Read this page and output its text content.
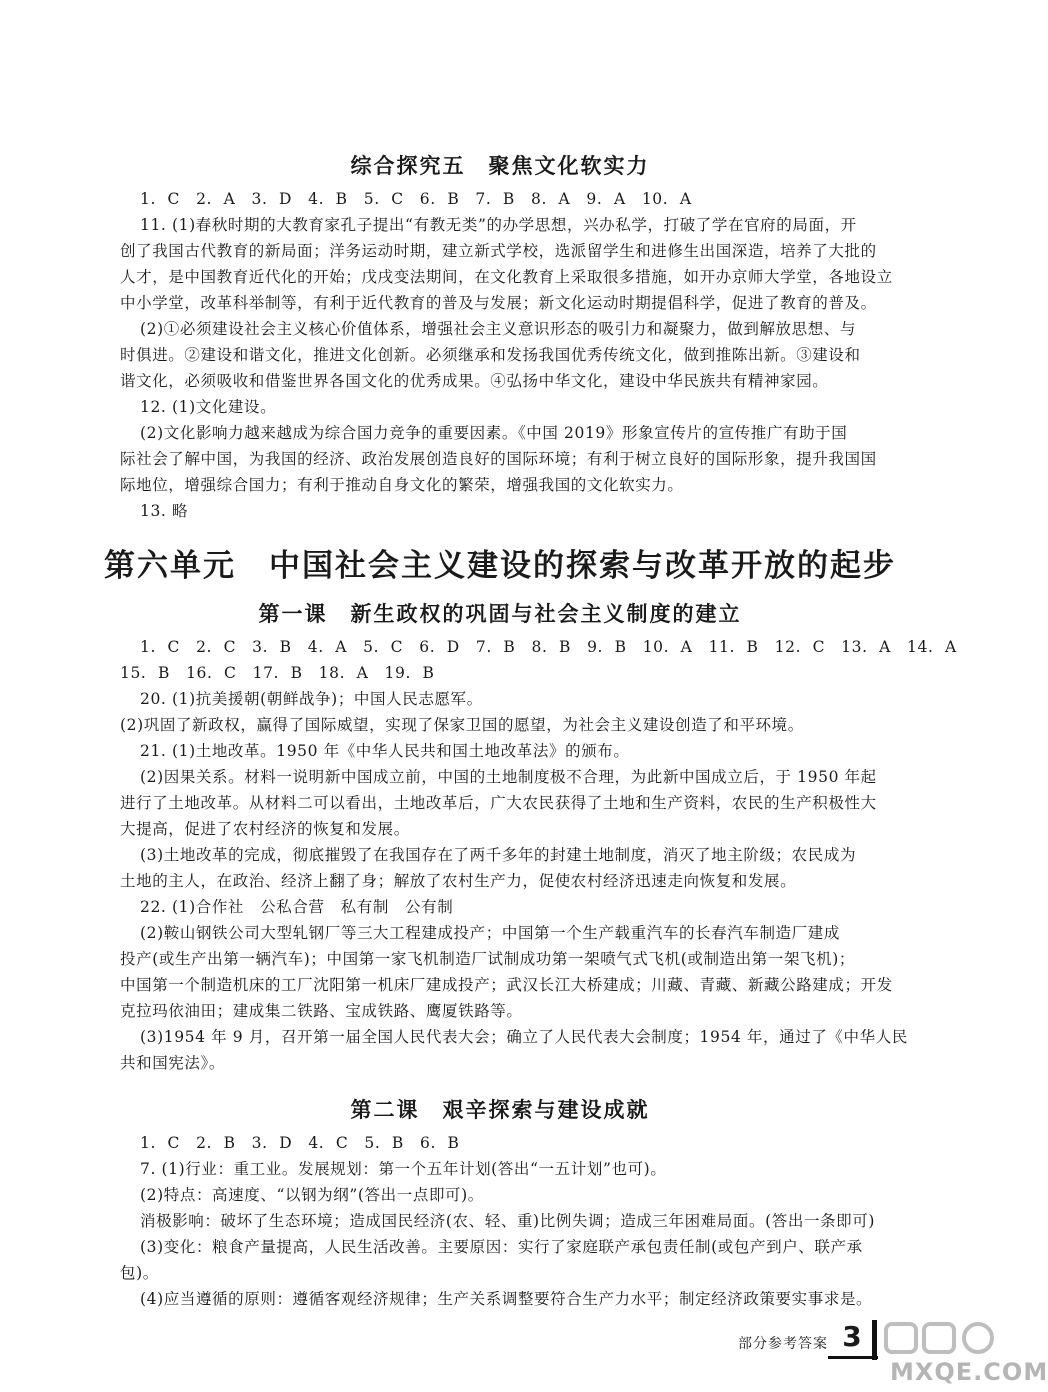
综合探究五　聚焦文化软实力
1. C　2. A　3. D　4. B　5. C　6. B　7. B　8. A　9. A　10. A
11. (1)春秋时期的大教育家孔子提出“有教无类”的办学思想，兴办私学，打破了学在官府的局面，开
创了我国古代教育的新局面；洋务运动时期，建立新式学校，选派留学生和进修生出国深造，培养了大批的
人才，是中国教育近代化的开始；戊戌变法期间，在文化教育上采取很多措施，如开办京师大学堂，各地设立
中小学堂，改革科举制等，有利于近代教育的普及与发展；新文化运动时期提倡科学，促进了教育的普及。
(2)①必须建设社会主义核心价值体系，增强社会主义意识形态的吸引力和凝聚力，做到解放思想、与
时俱进。②建设和谐文化，推进文化创新。必须继承和发扬我国优秀传统文化，做到推陈出新。③建设和
谐文化，必须吸收和借鉴世界各国文化的优秀成果。④弘扬中华文化，建设中华民族共有精神家园。
12. (1)文化建设。
(2)文化影响力越来越成为综合国力竞争的重要因素。《中国 2019》形象宣传片的宣传推广有助于国
际社会了解中国，为我国的经济、政治发展创造良好的国际环境；有利于树立良好的国际形象，提升我国国
际地位，增强综合国力；有利于推动自身文化的繁荣，增强我国的文化软实力。
13. 略
第六单元　中国社会主义建设的探索与改革开放的起步
第一课　新生政权的巩固与社会主义制度的建立
1. C　2. C　3. B　4. A　5. C　6. D　7. B　8. B　9. B　10. A　11. B　12. C　13. A　14. A
15. B　16. C　17. B　18. A　19. B
20. (1)抗美援朝(朝鲜战争)；中国人民志愿军。
(2)巩固了新政权，赢得了国际威望，实现了保家卫国的愿望，为社会主义建设创造了和平环境。
21. (1)土地改革。1950 年《中华人民共和国土地改革法》的颁布。
(2)因果关系。材料一说明新中国成立前，中国的土地制度极不合理，为此新中国成立后，于 1950 年起
进行了土地改革。从材料二可以看出，土地改革后，广大农民获得了土地和生产资料，农民的生产积极性大
大提高，促进了农村经济的恢复和发展。
(3)土地改革的完成，彻底摧毁了在我国存在了两千多年的封建土地制度，消灭了地主阶级；农民成为
土地的主人，在政治、经济上翻了身；解放了农村生产力，促使农村经济迅速走向恢复和发展。
22. (1)合作社　公私合营　私有制　公有制
(2)鞍山钢铁公司大型轧钢厂等三大工程建成投产；中国第一个生产载重汽车的长春汽车制造厂建成
投产(或生产出第一辆汽车)；中国第一家飞机制造厂试制成功第一架喷气式飞机(或制造出第一架飞机)；
中国第一个制造机床的工厂沈阳第一机床厂建成投产；武汉长江大桥建成；川藏、青藏、新藏公路建成；开发
克拉玛依油田；建成集二铁路、宝成铁路、鹰厦铁路等。
(3)1954 年 9 月，召开第一届全国人民代表大会；确立了人民代表大会制度；1954 年，通过了《中华人民
共和国宪法》。
第二课　艰辛探索与建设成就
1. C　2. B　3. D　4. C　5. B　6. B
7. (1)行业：重工业。发展规划：第一个五年计划(答出“一五计划”也可)。
(2)特点：高速度、“以钢为纲”(答出一点即可)。
消极影响：破坏了生态环境；造成国民经济(农、轻、重)比例失调；造成三年困难局面。(答出一条即可)
(3)变化：粮食产量提高，人民生活改善。主要原因：实行了家庭联产承包责任制(或包产到户、联产承
包)。
(4)应当遵循的原则：遵循客观经济规律；生产关系调整要符合生产力水平；制定经济政策要实事求是。
部分参考答案 3
MXQE.COM
